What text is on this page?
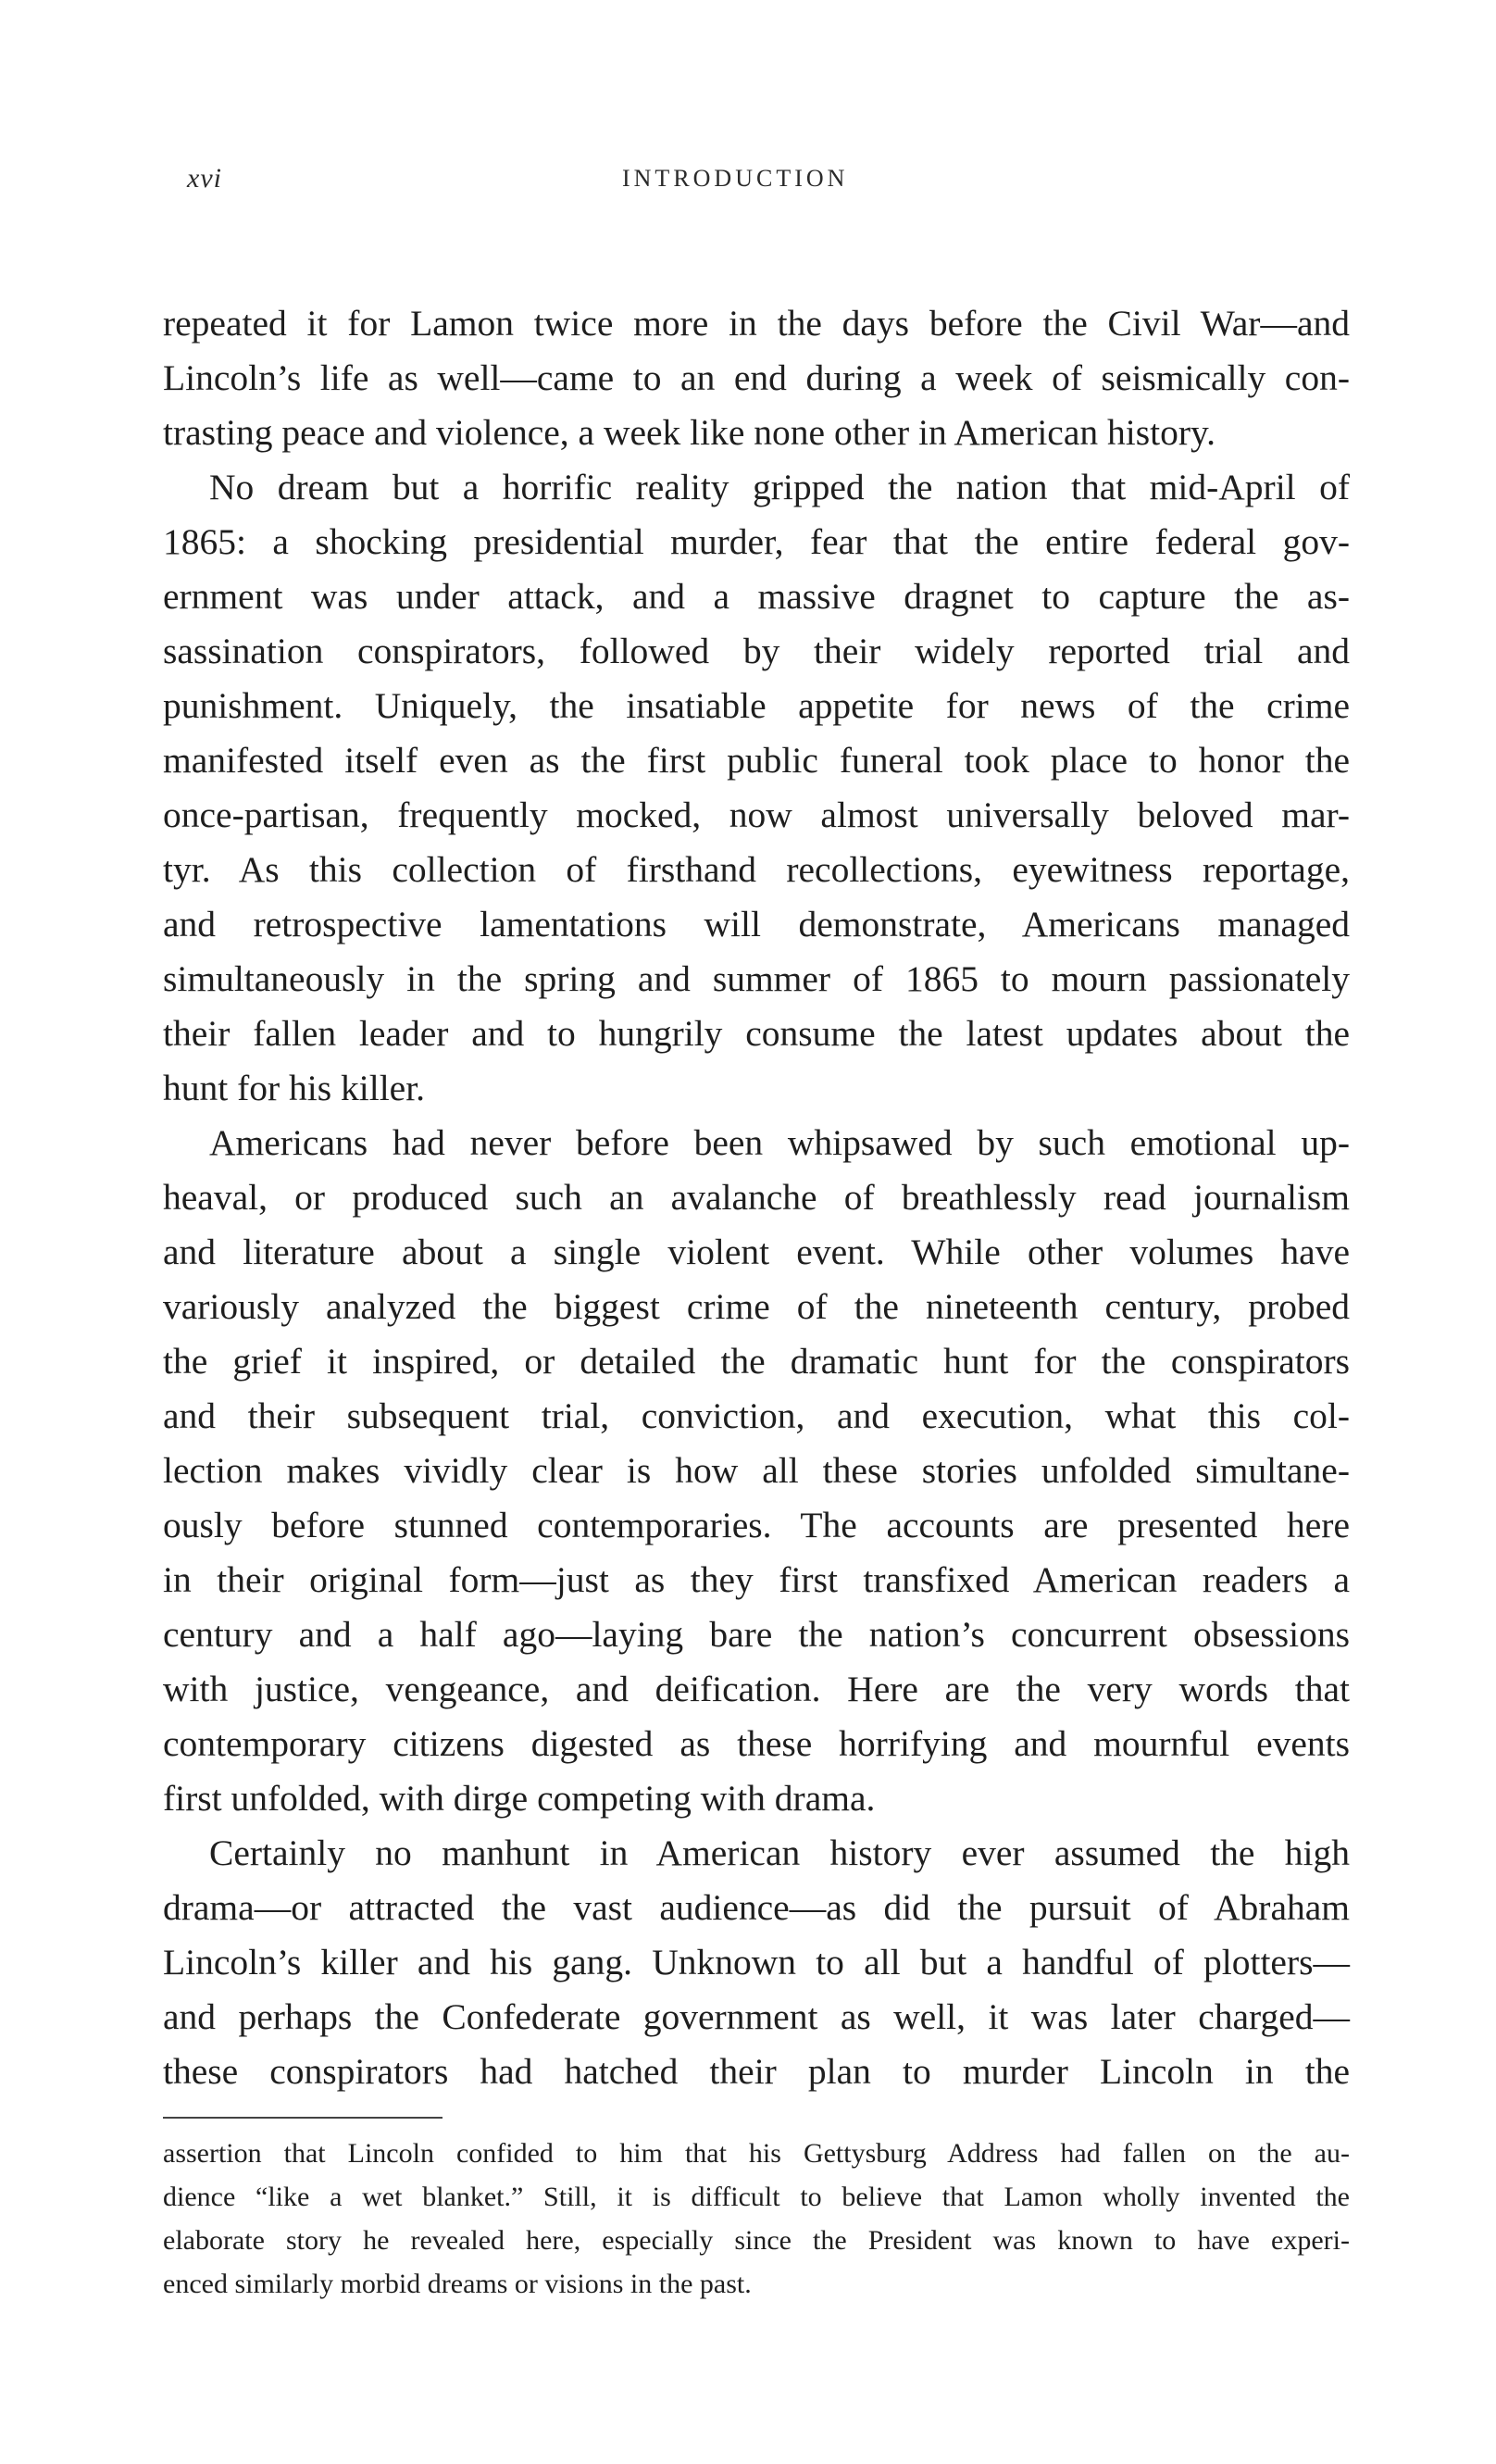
xvi	INTRODUCTION
repeated it for Lamon twice more in the days before the Civil War—and
Lincoln’s life as well—came to an end during a week of seismically con-
trasting peace and violence, a week like none other in American history.
No dream but a horrific reality gripped the nation that mid-April of
1865: a shocking presidential murder, fear that the entire federal gov-
ernment was under attack, and a massive dragnet to capture the as-
sassination conspirators, followed by their widely reported trial and
punishment. Uniquely, the insatiable appetite for news of the crime
manifested itself even as the first public funeral took place to honor the
once-partisan, frequently mocked, now almost universally beloved mar-
tyr. As this collection of firsthand recollections, eyewitness reportage,
and retrospective lamentations will demonstrate, Americans managed
simultaneously in the spring and summer of 1865 to mourn passionately
their fallen leader and to hungrily consume the latest updates about the
hunt for his killer.
Americans had never before been whipsawed by such emotional up-
heaval, or produced such an avalanche of breathlessly read journalism
and literature about a single violent event. While other volumes have
variously analyzed the biggest crime of the nineteenth century, probed
the grief it inspired, or detailed the dramatic hunt for the conspirators
and their subsequent trial, conviction, and execution, what this col-
lection makes vividly clear is how all these stories unfolded simultane-
ously before stunned contemporaries. The accounts are presented here
in their original form—just as they first transfixed American readers a
century and a half ago—laying bare the nation’s concurrent obsessions
with justice, vengeance, and deification. Here are the very words that
contemporary citizens digested as these horrifying and mournful events
first unfolded, with dirge competing with drama.
Certainly no manhunt in American history ever assumed the high
drama—or attracted the vast audience—as did the pursuit of Abraham
Lincoln’s killer and his gang. Unknown to all but a handful of plotters—
and perhaps the Confederate government as well, it was later charged—
these conspirators had hatched their plan to murder Lincoln in the
assertion that Lincoln confided to him that his Gettysburg Address had fallen on the au-
dience “like a wet blanket.” Still, it is difficult to believe that Lamon wholly invented the
elaborate story he revealed here, especially since the President was known to have experi-
enced similarly morbid dreams or visions in the past.
